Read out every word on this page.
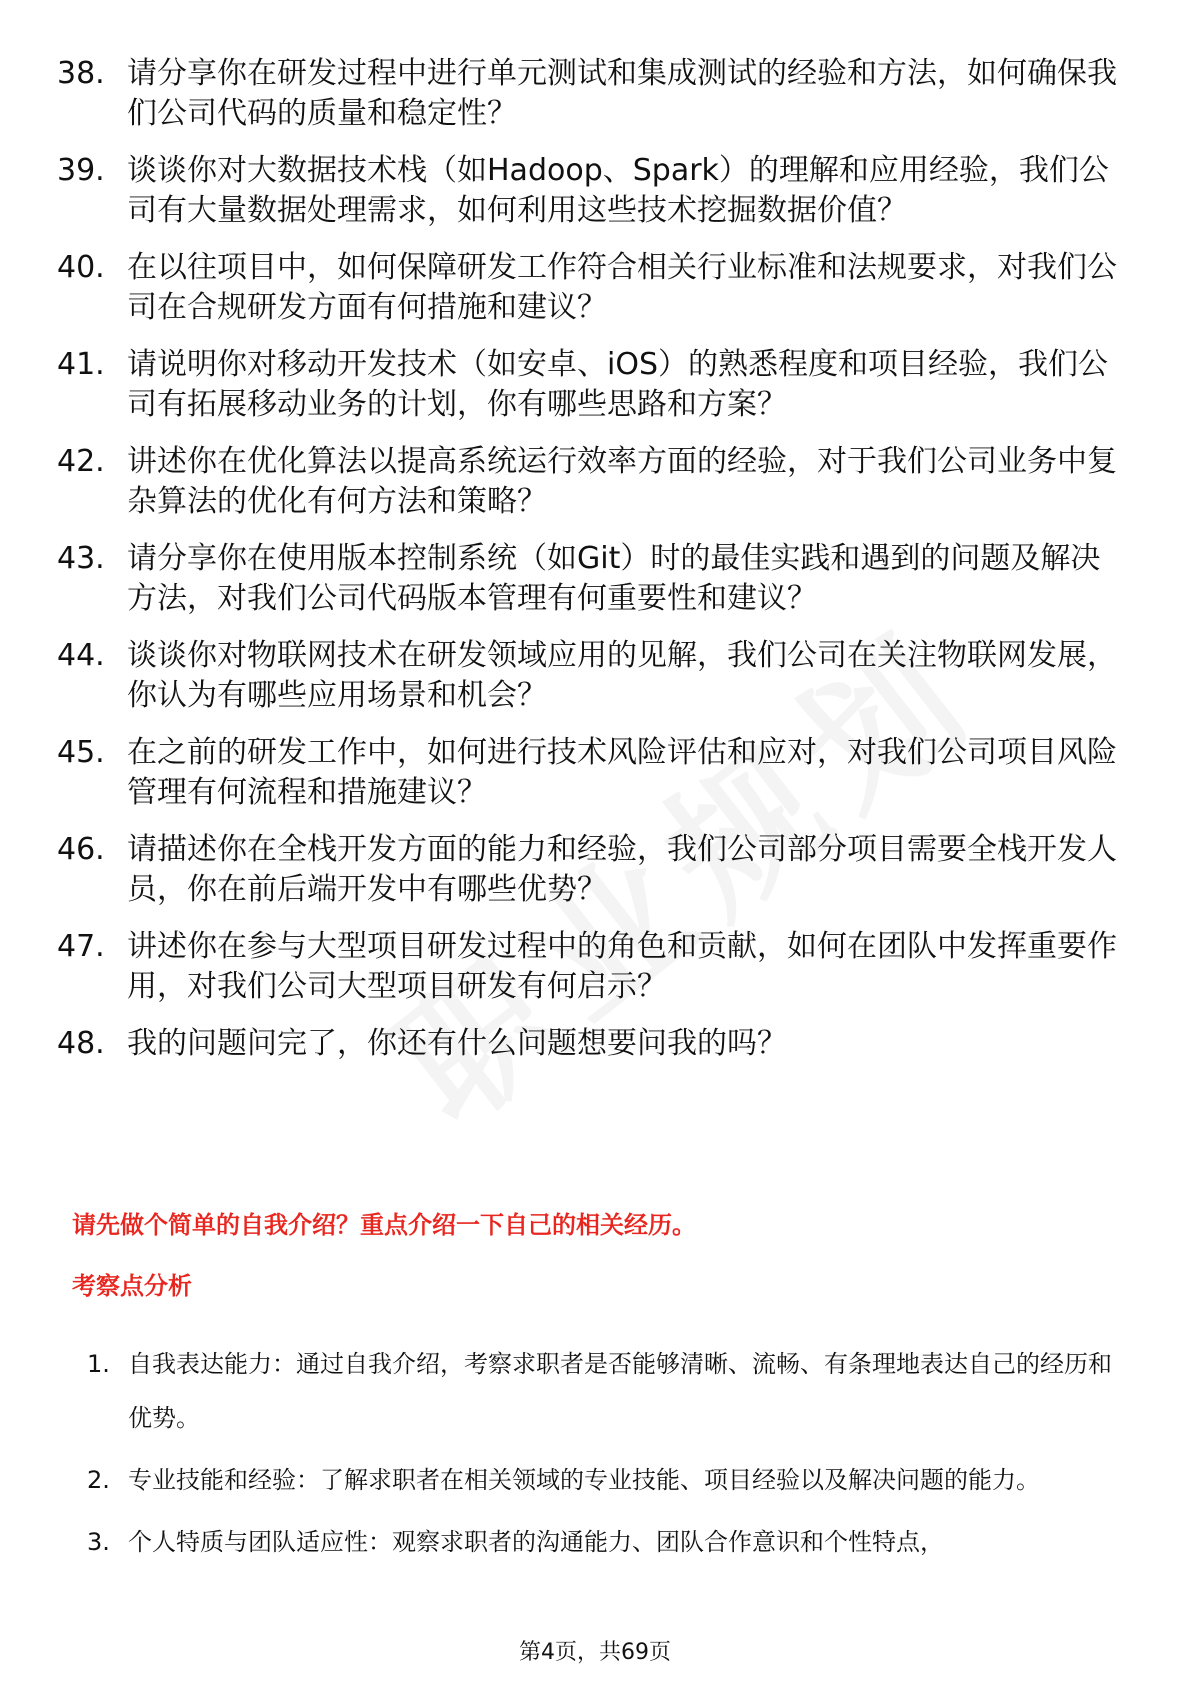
38. 请分享你在研发过程中进行单元测试和集成测试的经验和方法，如何确保我们公司代码的质量和稳定性？
39. 谈谈你对大数据技术栈（如Hadoop、Spark）的理解和应用经验，我们公司有大量数据处理需求，如何利用这些技术挖掘数据价值？
40. 在以往项目中，如何保障研发工作符合相关行业标准和法规要求，对我们公司在合规研发方面有何措施和建议？
41. 请说明你对移动开发技术（如安卓、iOS）的熟悉程度和项目经验，我们公司有拓展移动业务的计划，你有哪些思路和方案？
42. 讲述你在优化算法以提高系统运行效率方面的经验，对于我们公司业务中复杂算法的优化有何方法和策略？
43. 请分享你在使用版本控制系统（如Git）时的最佳实践和遇到的问题及解决方法，对我们公司代码版本管理有何重要性和建议？
44. 谈谈你对物联网技术在研发领域应用的见解，我们公司在关注物联网发展，你认为有哪些应用场景和机会？
45. 在之前的研发工作中，如何进行技术风险评估和应对，对我们公司项目风险管理有何流程和措施建议？
46. 请描述你在全栈开发方面的能力和经验，我们公司部分项目需要全栈开发人员，你在前后端开发中有哪些优势？
47. 讲述你在参与大型项目研发过程中的角色和贡献，如何在团队中发挥重要作用，对我们公司大型项目研发有何启示？
48. 我的问题问完了，你还有什么问题想要问我的吗？
请先做个简单的自我介绍？重点介绍一下自己的相关经历。
考察点分析
1. 自我表达能力：通过自我介绍，考察求职者是否能够清晰、流畅、有条理地表达自己的经历和优势。
2. 专业技能和经验：了解求职者在相关领域的专业技能、项目经验以及解决问题的能力。
3. 个人特质与团队适应性：观察求职者的沟通能力、团队合作意识和个性特点，
第4页，共69页
